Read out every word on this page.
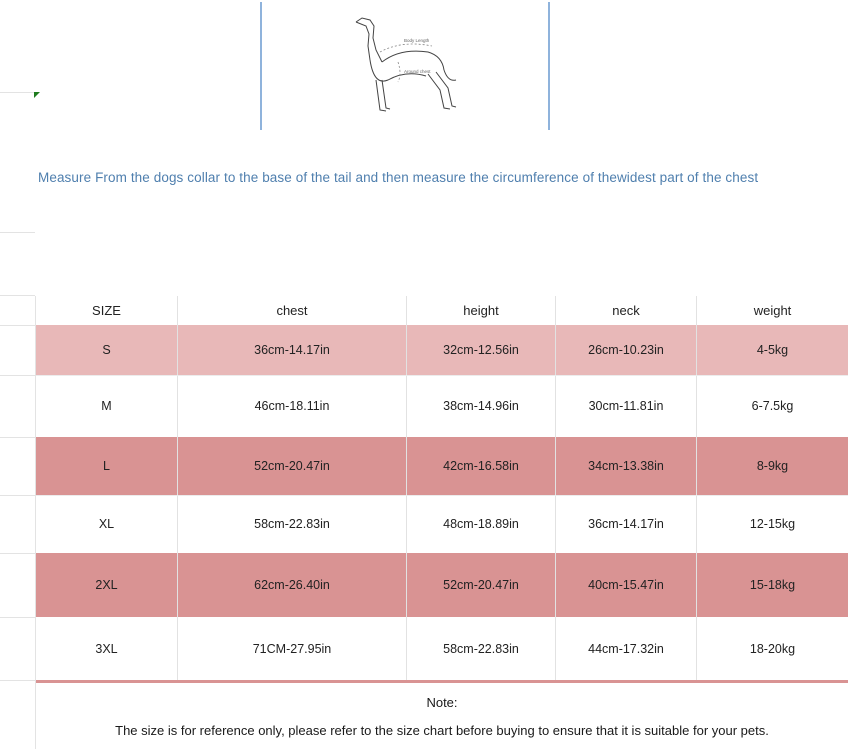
Body Length
Around chest
Measure From the dogs collar to the base of the tail and then measure the circumference of thewidest part of the chest
SIZE	chest	height	neck	weight
S	36cm-14.17in	32cm-12.56in	26cm-10.23in	4-5kg
M	46cm-18.11in	38cm-14.96in	30cm-11.81in	6-7.5kg
L	52cm-20.47in	42cm-16.58in	34cm-13.38in	8-9kg
XL	58cm-22.83in	48cm-18.89in	36cm-14.17in	12-15kg
2XL	62cm-26.40in	52cm-20.47in	40cm-15.47in	15-18kg
3XL	71CM-27.95in	58cm-22.83in	44cm-17.32in	18-20kg
Note:
The size is for reference only, please refer to the size chart before buying to ensure that it is suitable for your pets.
